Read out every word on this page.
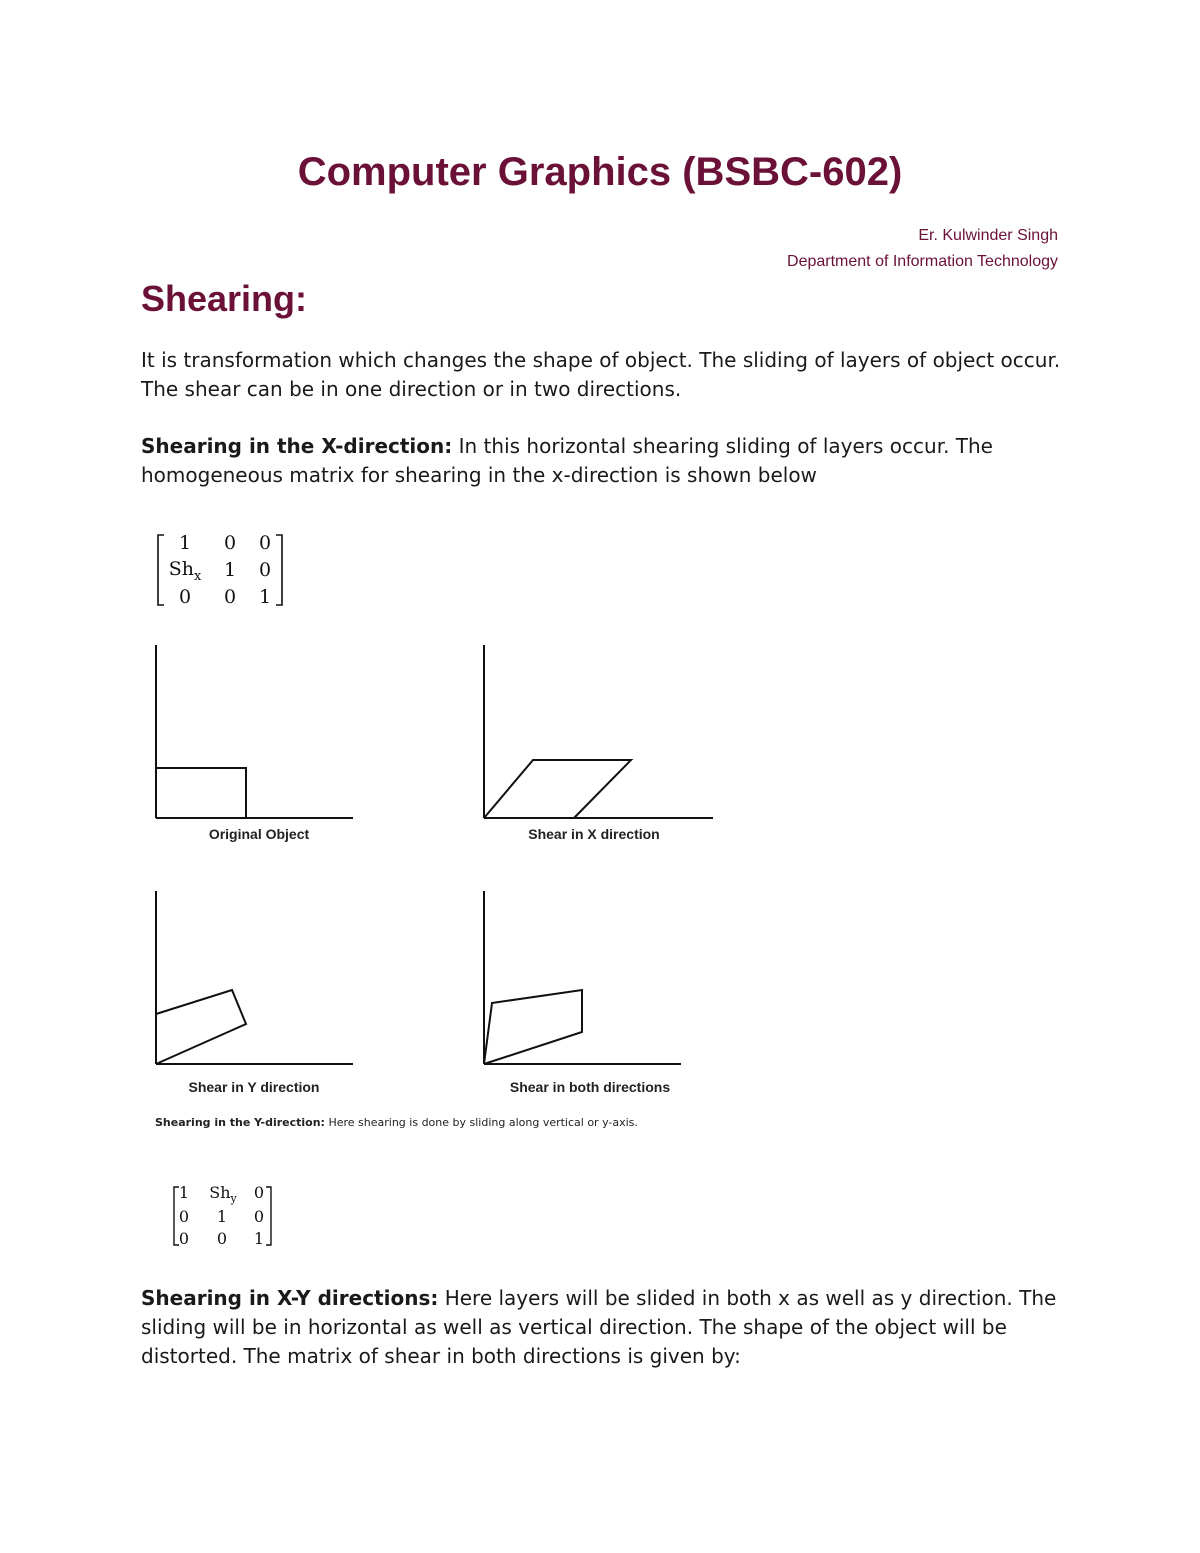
Computer Graphics (BSBC-602)
Er. Kulwinder Singh
Department of Information Technology
Shearing:

It is transformation which changes the shape of object. The sliding of layers of object occur. The shear can be in one direction or in two directions.

Shearing in the X-direction: In this horizontal shearing sliding of layers occur. The homogeneous matrix for shearing in the x-direction is shown below

1	0	0
$Sh_x$	1	0
0	0	1
Original Object	Shear in X direction
Shear in Y direction	Shear in both directions
Shearing in the Y-direction: Here shearing is done by sliding along vertical or y-axis.
1	$Sh_y$	0
0	1	0
0	0	1

Shearing in X-Y directions: Here layers will be slided in both x as well as y direction. The sliding will be in horizontal as well as vertical direction. The shape of the object will be distorted. The matrix of shear in both directions is given by:
